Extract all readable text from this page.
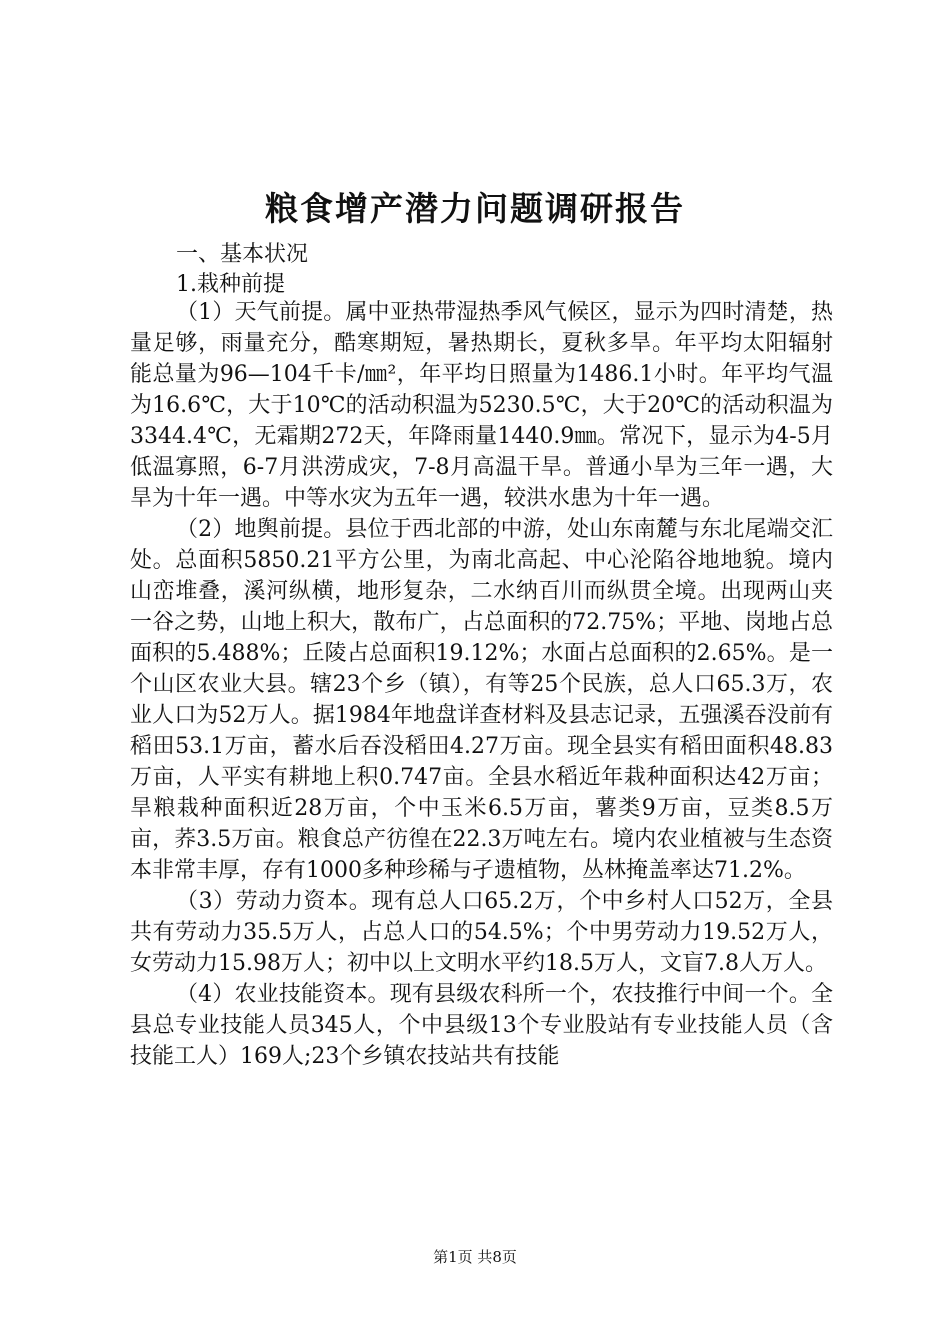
粮食增产潜力问题调研报告

一、基本状况

1.栽种前提

（1）天气前提。属中亚热带湿热季风气候区，显示为四时清楚，热量足够，雨量充分，酷寒期短，暑热期长，夏秋多旱。年平均太阳辐射能总量为96—104千卡/㎜²，年平均日照量为1486.1小时。年平均气温为16.6℃，大于10℃的活动积温为5230.5℃，大于20℃的活动积温为3344.4℃，无霜期272天，年降雨量1440.9㎜。常况下，显示为4-5月低温寡照，6-7月洪涝成灾，7-8月高温干旱。普通小旱为三年一遇，大旱为十年一遇。中等水灾为五年一遇，较洪水患为十年一遇。

（2）地舆前提。县位于西北部的中游，处山东南麓与东北尾端交汇处。总面积5850.21平方公里，为南北高起、中心沦陷谷地地貌。境内山峦堆叠，溪河纵横，地形复杂，二水纳百川而纵贯全境。出现两山夹一谷之势，山地上积大，散布广，占总面积的72.75%；平地、岗地占总面积的5.488%；丘陵占总面积19.12%；水面占总面积的2.65%。是一个山区农业大县。辖23个乡（镇），有等25个民族，总人口65.3万，农业人口为52万人。据1984年地盘详查材料及县志记录，五强溪吞没前有稻田53.1万亩，蓄水后吞没稻田4.27万亩。现全县实有稻田面积48.83万亩，人平实有耕地上积0.747亩。全县水稻近年栽种面积达42万亩；旱粮栽种面积近28万亩，个中玉米6.5万亩，薯类9万亩，豆类8.5万亩，荞3.5万亩。粮食总产彷徨在22.3万吨左右。境内农业植被与生态资本非常丰厚，存有1000多种珍稀与孑遗植物，丛林掩盖率达71.2%。

（3）劳动力资本。现有总人口65.2万，个中乡村人口52万，全县共有劳动力35.5万人，占总人口的54.5%；个中男劳动力19.52万人，女劳动力15.98万人；初中以上文明水平约18.5万人，文盲7.8人万人。

（4）农业技能资本。现有县级农科所一个，农技推行中间一个。全县总专业技能人员345人，个中县级13个专业股站有专业技能人员（含技能工人）169人;23个乡镇农技站共有技能

第1页 共8页
